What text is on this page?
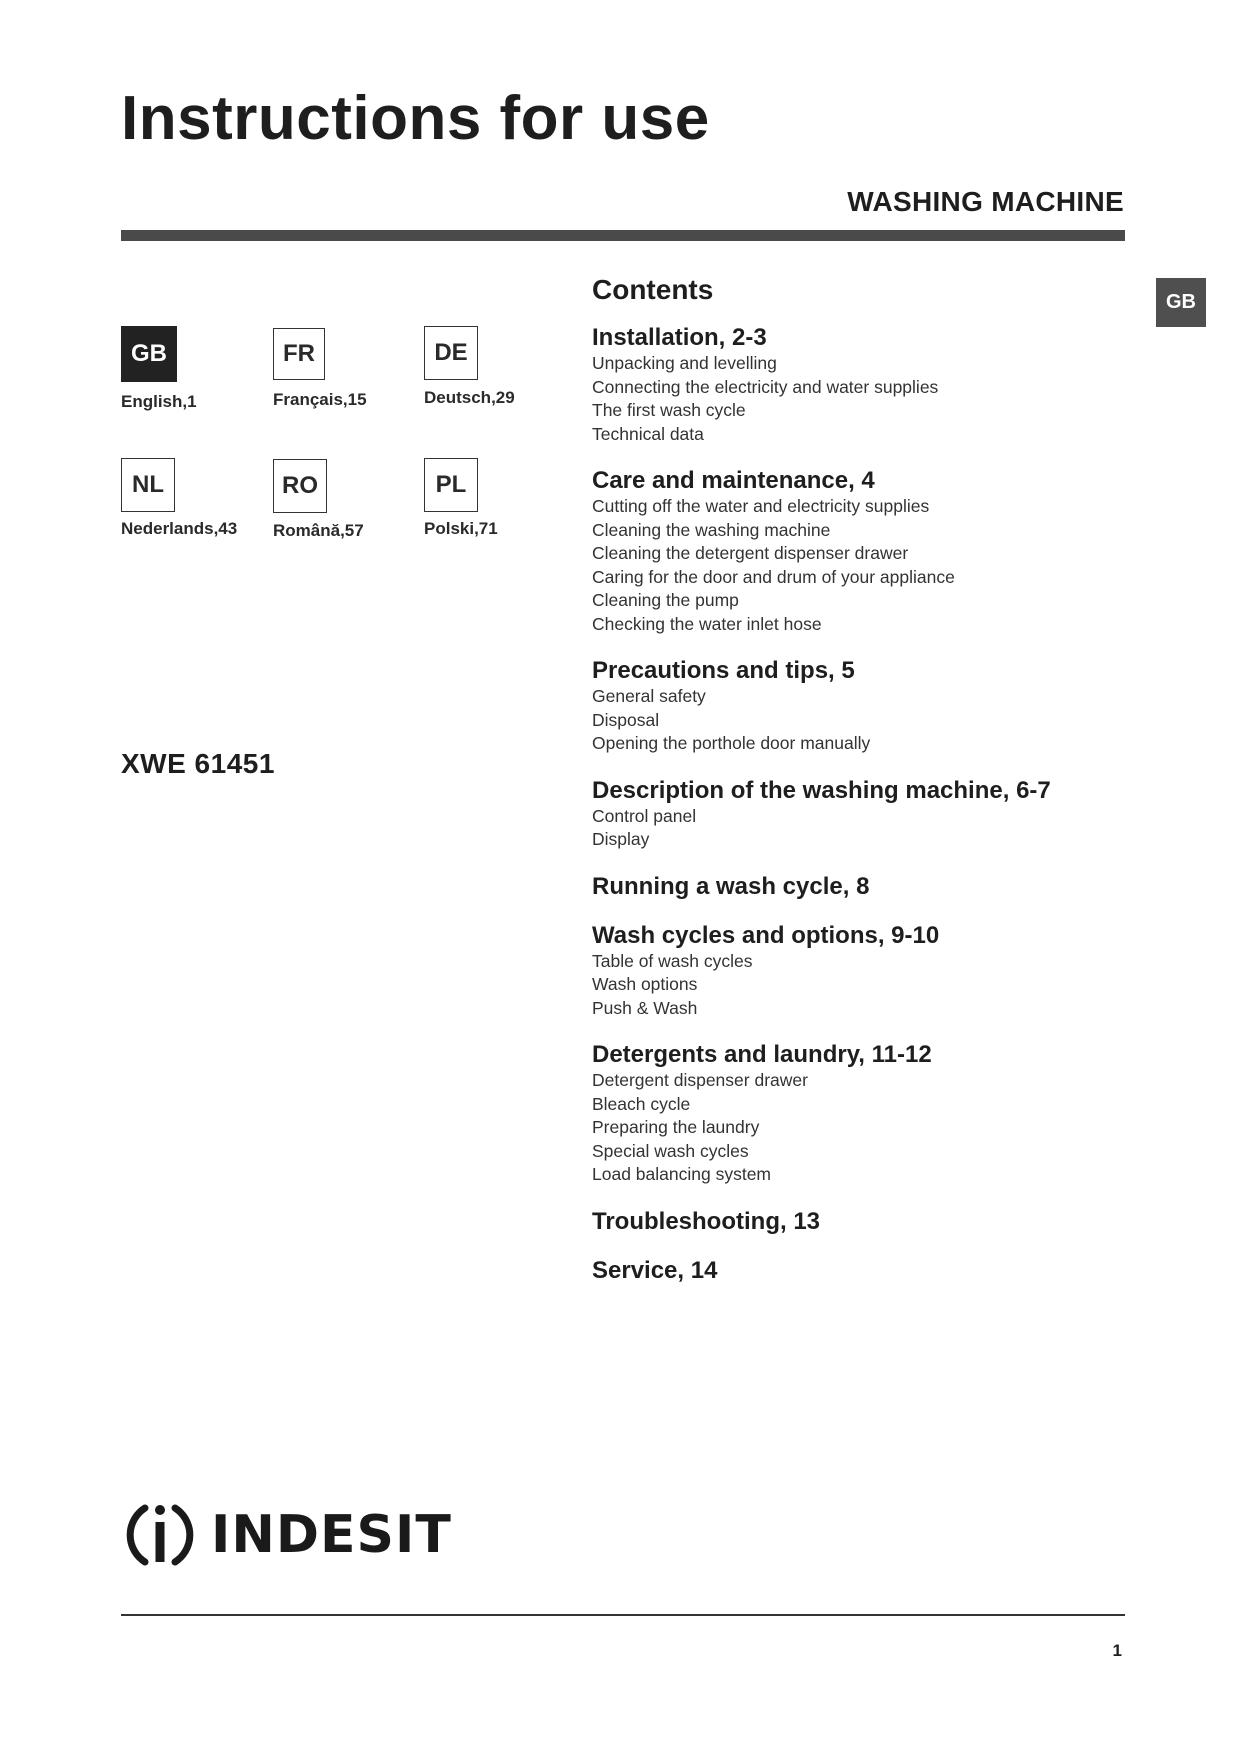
Instructions for use
WASHING MACHINE
GB
GB
English,1
FR
Français,15
DE
Deutsch,29
NL
Nederlands,43
RO
Română,57
PL
Polski,71
XWE 61451
Contents
Installation, 2-3
Unpacking and levelling
Connecting the electricity and water supplies
The first wash cycle
Technical data
Care and maintenance, 4
Cutting off the water and electricity supplies
Cleaning the washing machine
Cleaning the detergent dispenser drawer
Caring for the door and drum of your appliance
Cleaning the pump
Checking the water inlet hose
Precautions and tips, 5
General safety
Disposal
Opening the porthole door manually
Description of the washing machine, 6-7
Control panel
Display
Running a wash cycle, 8
Wash cycles and options, 9-10
Table of wash cycles
Wash options
Push & Wash
Detergents and laundry, 11-12
Detergent dispenser drawer
Bleach cycle
Preparing the laundry
Special wash cycles
Load balancing system
Troubleshooting, 13
Service, 14
INDESIT
1
